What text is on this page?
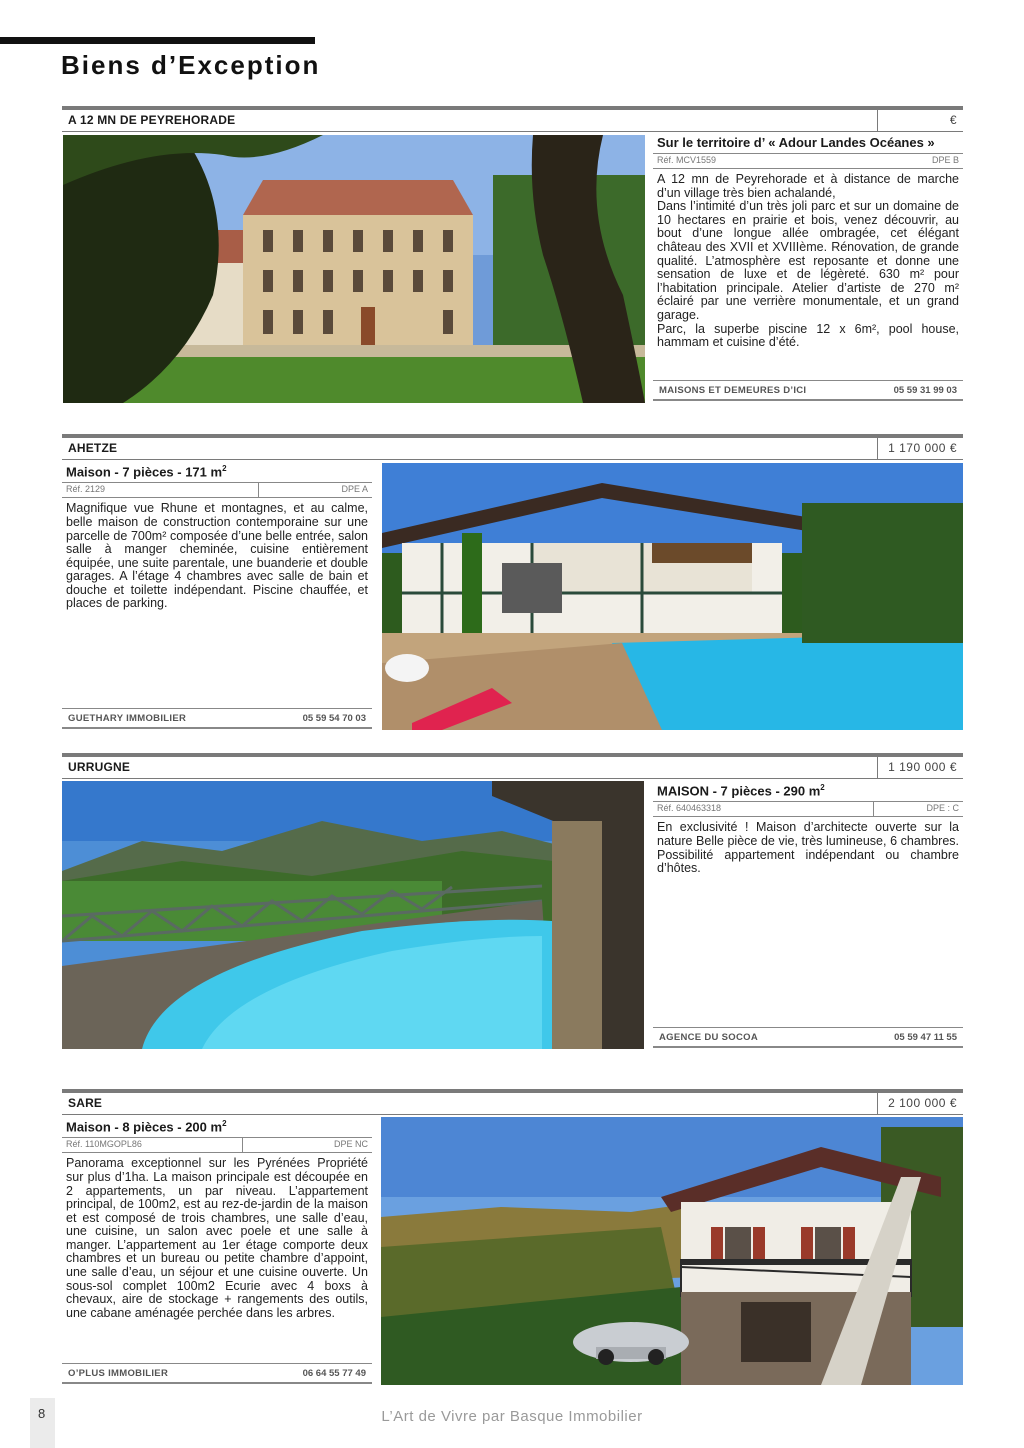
Biens d’Exception
A 12 MN DE PEYREHORADE	€
›
Sur le territoire d’ « Adour Landes Océanes »
Réf. MCV1559	DPE B

A 12 mn de Peyrehorade et à distance de marche d’un village très bien achalandé,

Dans l’intimité d’un très joli parc et sur un domaine de 10 hectares en prairie et bois, venez découvrir, au bout d’une longue allée ombragée, cet élégant château des XVII et XVIIIème. Rénovation, de grande qualité. L’atmosphère est reposante et donne une sensation de luxe et de légèreté. 630 m² pour l’habitation principale. Atelier d’artiste de 270 m² éclairé par une verrière monumentale, et un grand garage.

Parc, la superbe piscine 12 x 6m², pool house, hammam et cuisine d’été.

MAISONS ET DEMEURES D’ICI	05 59 31 99 03
AHETZE	1 170 000 €
Maison - 7 pièces - 171 $m^2$
Réf. 2129	DPE A

Magnifique vue Rhune et montagnes, et au calme, belle maison de construction contemporaine sur une parcelle de 700m² composée d’une belle entrée, salon salle à manger cheminée, cuisine entièrement équipée, une suite parentale, une buanderie et double garages. A l’étage 4 chambres avec salle de bain et douche et toilette indépendant. Piscine chauffée, et places de parking.

GUETHARY IMMOBILIER	05 59 54 70 03
URRUGNE	1 190 000 €
MAISON - 7 pièces - 290 $m^2$
Réf. 640463318	DPE : C

En exclusivité ! Maison d’architecte ouverte sur la nature Belle pièce de vie, très lumineuse, 6 chambres. Possibilité appartement indépendant ou chambre d’hôtes.

AGENCE DU SOCOA	05 59 47 11 55
SARE	2 100 000 €
Maison - 8 pièces - 200 $m^2$
Réf. 110MGOPL86	DPE NC

Panorama exceptionnel sur les Pyrénées Propriété sur plus d’1ha. La maison principale est découpée en 2 appartements, un par niveau. L’appartement principal, de 100m2, est au rez-de-jardin de la maison et est composé de trois chambres, une salle d’eau, une cuisine, un salon avec poele et une salle à manger. L’appartement au 1er étage comporte deux chambres et un bureau ou petite chambre d’appoint, une salle d’eau, un séjour et une cuisine ouverte. Un sous-sol complet 100m2 Ecurie avec 4 boxs à chevaux, aire de stockage + rangements des outils, une cabane aménagée perchée dans les arbres.

O’PLUS IMMOBILIER	06 64 55 77 49
8	L’Art de Vivre par Basque Immobilier
